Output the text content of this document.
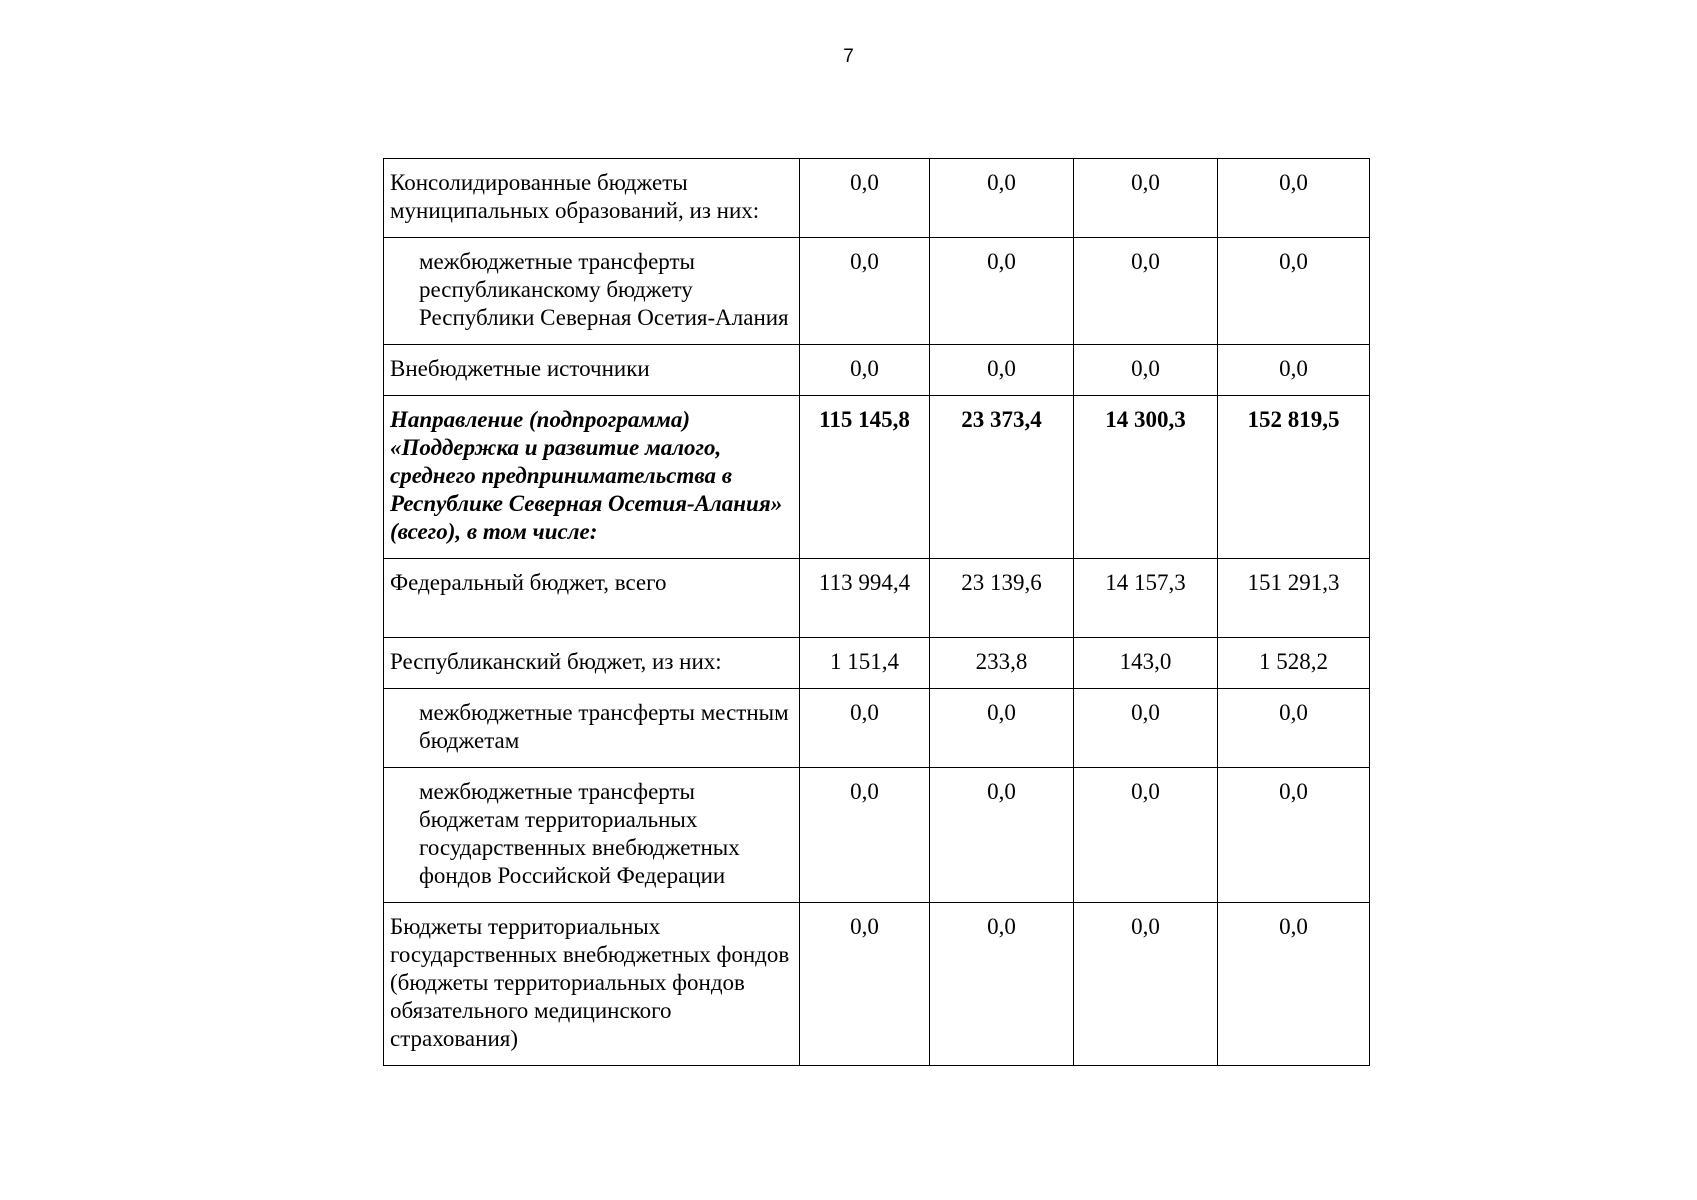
7
Консолидированные бюджеты муниципальных образований, из них:	0,0	0,0	0,0	0,0
межбюджетные трансферты республиканскому бюджету Республики Северная Осетия-Алания	0,0	0,0	0,0	0,0
Внебюджетные источники	0,0	0,0	0,0	0,0
Направление (подпрограмма) «Поддержка и развитие малого, среднего предпринимательства в Республике Северная Осетия-Алания» (всего), в том числе:	115 145,8	23 373,4	14 300,3	152 819,5
Федеральный бюджет, всего	113 994,4	23 139,6	14 157,3	151 291,3
Республиканский бюджет, из них:	1 151,4	233,8	143,0	1 528,2
межбюджетные трансферты местным бюджетам	0,0	0,0	0,0	0,0
межбюджетные трансферты бюджетам территориальных государственных внебюджетных фондов Российской Федерации	0,0	0,0	0,0	0,0
Бюджеты территориальных государственных внебюджетных фондов (бюджеты территориальных фондов обязательного медицинского страхования)	0,0	0,0	0,0	0,0
